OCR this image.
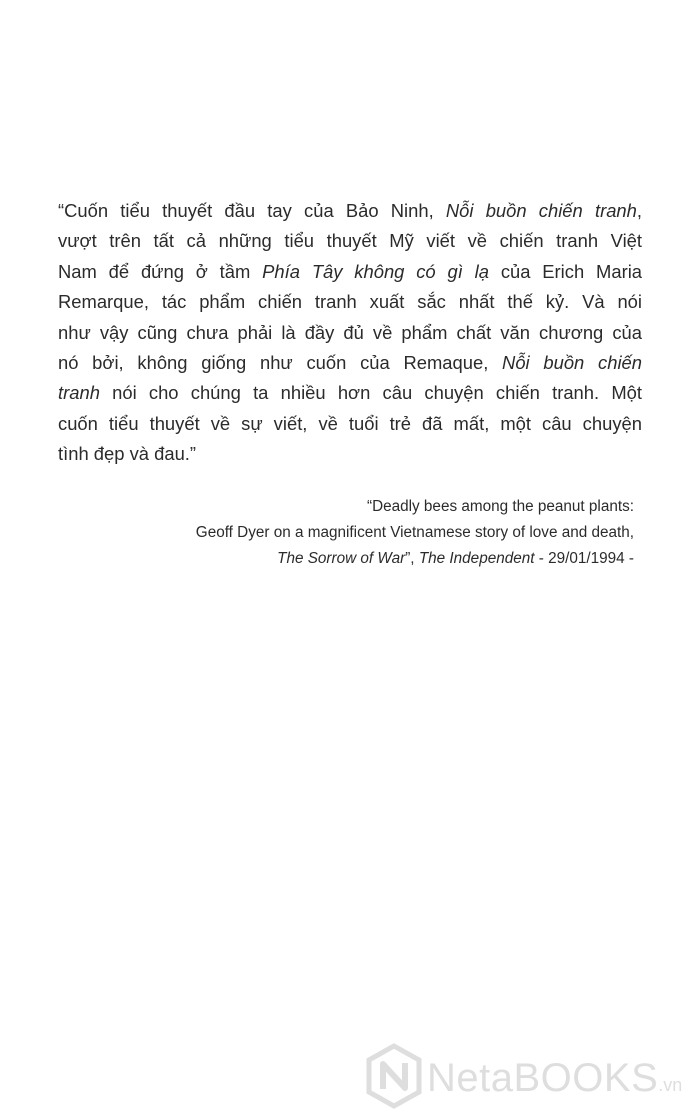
“Cuốn tiểu thuyết đầu tay của Bảo Ninh, Nỗi buồn chiến tranh,
vượt trên tất cả những tiểu thuyết Mỹ viết về chiến tranh Việt
Nam để đứng ở tầm Phía Tây không có gì lạ của Erich Maria
Remarque, tác phẩm chiến tranh xuất sắc nhất thế kỷ. Và nói
như vậy cũng chưa phải là đầy đủ về phẩm chất văn chương của
nó bởi, không giống như cuốn của Remaque, Nỗi buồn chiến
tranh nói cho chúng ta nhiều hơn câu chuyện chiến tranh. Một
cuốn tiểu thuyết về sự viết, về tuổi trẻ đã mất, một câu chuyện
tình đẹp và đau.”

“Deadly bees among the peanut plants:
Geoff Dyer on a magnificent Vietnamese story of love and death,
The Sorrow of War”, The Independent - 29/01/1994 -

NetaBOOKS.vn
